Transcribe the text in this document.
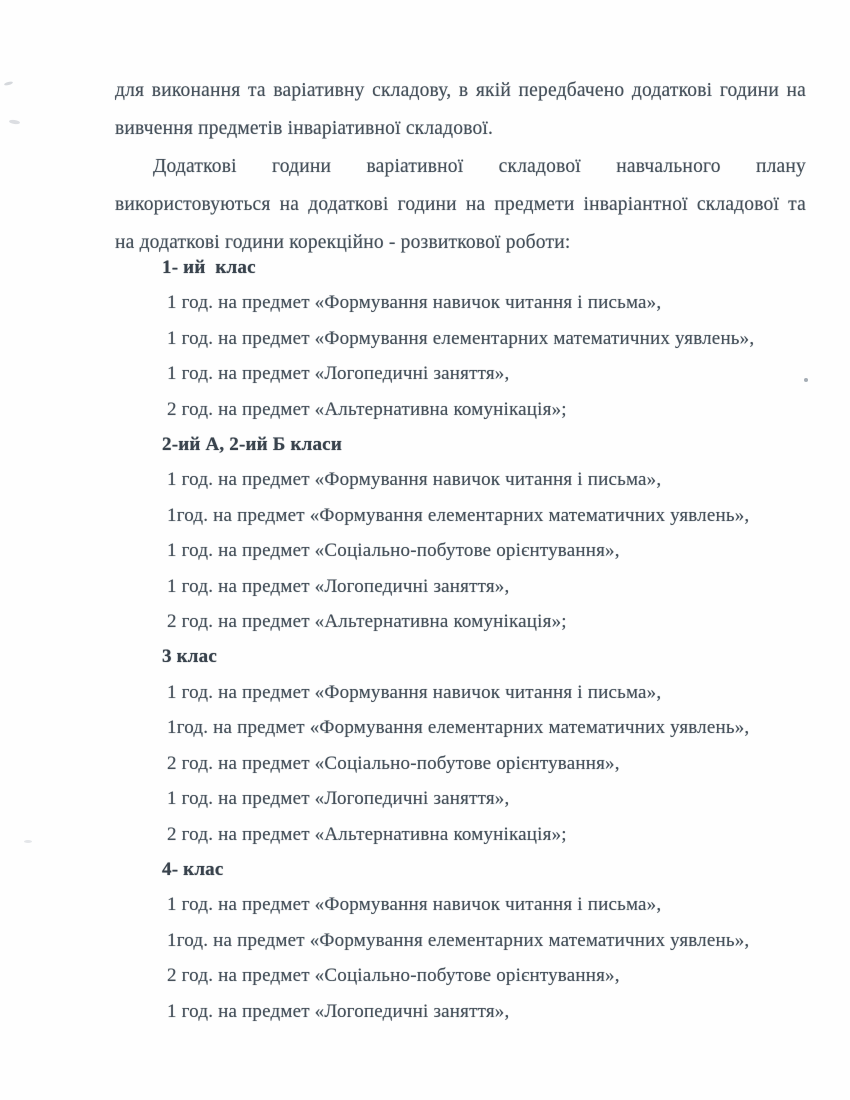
для виконання та варіативну складову, в якій передбачено додаткові години на
вивчення предметів інваріативної складової.

Додаткові години варіативної складової навчального плану
використовуються на додаткові години на предмети інваріантної складової та
на додаткові години корекційно - розвиткової роботи:

1- ий  клас
1 год. на предмет «Формування навичок читання і письма»,
1 год. на предмет «Формування елементарних математичних уявлень»,
1 год. на предмет «Логопедичні заняття»,
2 год. на предмет «Альтернативна комунікація»;
2-ий А, 2-ий Б класи
1 год. на предмет «Формування навичок читання і письма»,
1год. на предмет «Формування елементарних математичних уявлень»,
1 год. на предмет «Соціально-побутове орієнтування»,
1 год. на предмет «Логопедичні заняття»,
2 год. на предмет «Альтернативна комунікація»;
3 клас
1 год. на предмет «Формування навичок читання і письма»,
1год. на предмет «Формування елементарних математичних уявлень»,
2 год. на предмет «Соціально-побутове орієнтування»,
1 год. на предмет «Логопедичні заняття»,
2 год. на предмет «Альтернативна комунікація»;
4- клас
1 год. на предмет «Формування навичок читання і письма»,
1год. на предмет «Формування елементарних математичних уявлень»,
2 год. на предмет «Соціально-побутове орієнтування»,
1 год. на предмет «Логопедичні заняття»,
